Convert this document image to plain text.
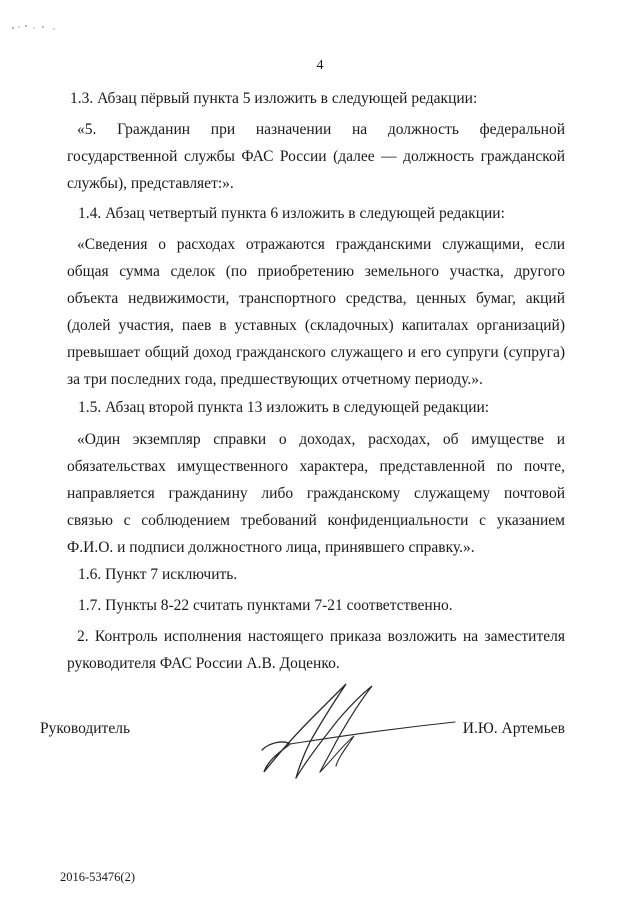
4

1.3. Абзац пёрвый пункта 5 изложить в следующей редакции:

«5. Гражданин при назначении на должность федеральной государственной службы ФАС России (далее — должность гражданской службы), представляет:».

1.4. Абзац четвертый пункта 6 изложить в следующей редакции:

«Сведения о расходах отражаются гражданскими служащими, если общая сумма сделок (по приобретению земельного участка, другого объекта недвижимости, транспортного средства, ценных бумаг, акций (долей участия, паев в уставных (складочных) капиталах организаций) превышает общий доход гражданского служащего и его супруги (супруга) за три последних года, предшествующих отчетному периоду.».

1.5. Абзац второй пункта 13 изложить в следующей редакции:

«Один экземпляр справки о доходах, расходах, об имуществе и обязательствах имущественного характера, представленной по почте, направляется гражданину либо гражданскому служащему почтовой связью с соблюдением требований конфиденциальности с указанием Ф.И.О. и подписи должностного лица, принявшего справку.».

1.6. Пункт 7 исключить.

1.7. Пункты 8-22 считать пунктами 7-21 соответственно.

2. Контроль исполнения настоящего приказа возложить на заместителя руководителя ФАС России А.В. Доценко.

Руководитель	И.Ю. Артемьев
2016-53476(2)
